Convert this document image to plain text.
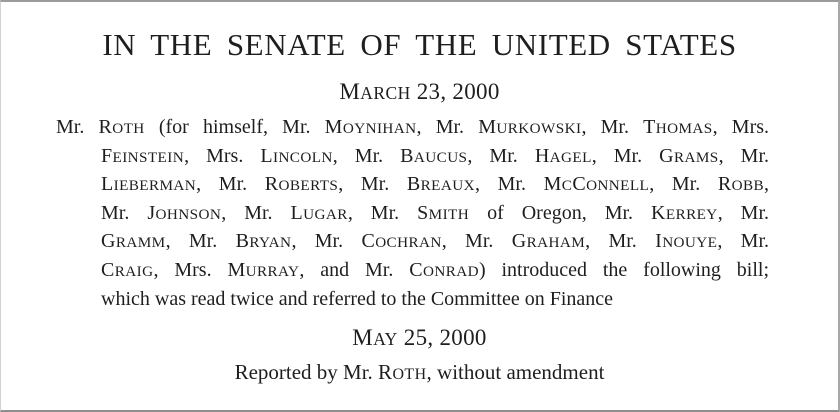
IN THE SENATE OF THE UNITED STATES
MARCH 23, 2000
Mr. ROTH (for himself, Mr. MOYNIHAN, Mr. MURKOWSKI, Mr. THOMAS, Mrs.
FEINSTEIN, Mrs. LINCOLN, Mr. BAUCUS, Mr. HAGEL, Mr. GRAMS, Mr.
LIEBERMAN, Mr. ROBERTS, Mr. BREAUX, Mr. MCCONNELL, Mr. ROBB,
Mr. JOHNSON, Mr. LUGAR, Mr. SMITH of Oregon, Mr. KERREY, Mr.
GRAMM, Mr. BRYAN, Mr. COCHRAN, Mr. GRAHAM, Mr. INOUYE, Mr.
CRAIG, Mrs. MURRAY, and Mr. CONRAD) introduced the following bill;
which was read twice and referred to the Committee on Finance
MAY 25, 2000
Reported by Mr. ROTH, without amendment
